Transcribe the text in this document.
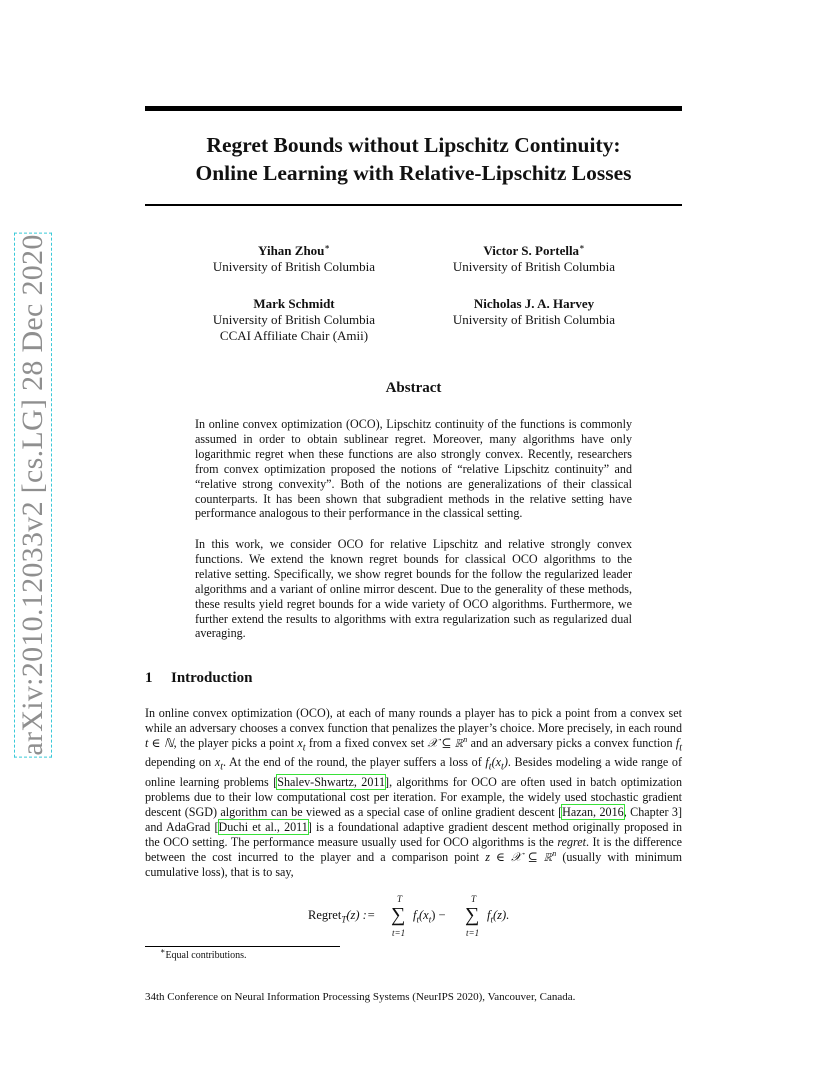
arXiv:2010.12033v2 [cs.LG] 28 Dec 2020
Regret Bounds without Lipschitz Continuity:
Online Learning with Relative-Lipschitz Losses
Yihan Zhou∗
University of British Columbia
Victor S. Portella∗
University of British Columbia
Mark Schmidt
University of British Columbia
CCAI Affiliate Chair (Amii)
Nicholas J. A. Harvey
University of British Columbia
Abstract
In online convex optimization (OCO), Lipschitz continuity of the functions is commonly assumed in order to obtain sublinear regret. Moreover, many algorithms have only logarithmic regret when these functions are also strongly convex. Recently, researchers from convex optimization proposed the notions of “relative Lipschitz continuity” and “relative strong convexity”. Both of the notions are generalizations of their classical counterparts. It has been shown that subgradient methods in the relative setting have performance analogous to their performance in the classical setting.
In this work, we consider OCO for relative Lipschitz and relative strongly convex functions. We extend the known regret bounds for classical OCO algorithms to the relative setting. Specifically, we show regret bounds for the follow the regularized leader algorithms and a variant of online mirror descent. Due to the generality of these methods, these results yield regret bounds for a wide variety of OCO algorithms. Furthermore, we further extend the results to algorithms with extra regularization such as regularized dual averaging.
1 Introduction
In online convex optimization (OCO), at each of many rounds a player has to pick a point from a convex set while an adversary chooses a convex function that penalizes the player’s choice. More precisely, in each round t ∈ ℕ, the player picks a point $x_t$ from a fixed convex set 𝒳 ⊆ ℝ$^n$ and an adversary picks a convex function $f_t$ depending on $x_t$. At the end of the round, the player suffers a loss of $f_t(x_t)$. Besides modeling a wide range of online learning problems [Shalev-Shwartz, 2011], algorithms for OCO are often used in batch optimization problems due to their low computational cost per iteration. For example, the widely used stochastic gradient descent (SGD) algorithm can be viewed as a special case of online gradient descent [Hazan, 2016, Chapter 3] and AdaGrad [Duchi et al., 2011] is a foundational adaptive gradient descent method originally proposed in the OCO setting. The performance measure usually used for OCO algorithms is the regret. It is the difference between the cost incurred to the player and a comparison point z ∈ 𝒳 ⊆ ℝ$^n$ (usually with minimum cumulative loss), that is to say,
Regret$_T$(z) :=
T
∑
t=1
$f_t(x_t)$ −
T
∑
t=1
$f_t(z)$.
∗Equal contributions.
34th Conference on Neural Information Processing Systems (NeurIPS 2020), Vancouver, Canada.
